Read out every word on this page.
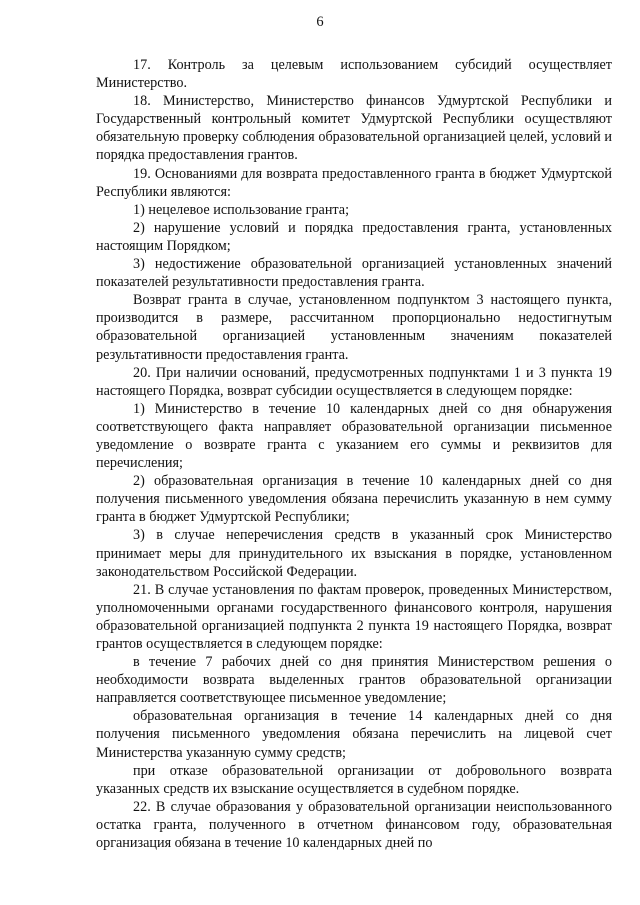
6

17. Контроль за целевым использованием субсидий осуществляет Министерство.

18. Министерство, Министерство финансов Удмуртской Республики и Государственный контрольный комитет Удмуртской Республики осуществляют обязательную проверку соблюдения образовательной организацией целей, условий и порядка предоставления грантов.

19. Основаниями для возврата предоставленного гранта в бюджет Удмуртской Республики являются:

1) нецелевое использование гранта;

2) нарушение условий и порядка предоставления гранта, установленных настоящим Порядком;

3) недостижение образовательной организацией установленных значений показателей результативности предоставления гранта.

Возврат гранта в случае, установленном подпунктом 3 настоящего пункта, производится в размере, рассчитанном пропорционально недостигнутым образовательной организацией установленным значениям показателей результативности предоставления гранта.

20. При наличии оснований, предусмотренных подпунктами 1 и 3 пункта 19 настоящего Порядка, возврат субсидии осуществляется в следующем порядке:

1) Министерство в течение 10 календарных дней со дня обнаружения соответствующего факта направляет образовательной организации письменное уведомление о возврате гранта с указанием его суммы и реквизитов для перечисления;

2) образовательная организация в течение 10 календарных дней со дня получения письменного уведомления обязана перечислить указанную в нем сумму гранта в бюджет Удмуртской Республики;

3) в случае неперечисления средств в указанный срок Министерство принимает меры для принудительного их взыскания в порядке, установленном законодательством Российской Федерации.

21. В случае установления по фактам проверок, проведенных Министерством, уполномоченными органами государственного финансового контроля, нарушения образовательной организацией подпункта 2 пункта 19 настоящего Порядка, возврат грантов осуществляется в следующем порядке:

в течение 7 рабочих дней со дня принятия Министерством решения о необходимости возврата выделенных грантов образовательной организации направляется соответствующее письменное уведомление;

образовательная организация в течение 14 календарных дней со дня получения письменного уведомления обязана перечислить на лицевой счет Министерства указанную сумму средств;

при отказе образовательной организации от добровольного возврата указанных средств их взыскание осуществляется в судебном порядке.

22. В случае образования у образовательной организации неиспользованного остатка гранта, полученного в отчетном финансовом году, образовательная организация обязана в течение 10 календарных дней по
